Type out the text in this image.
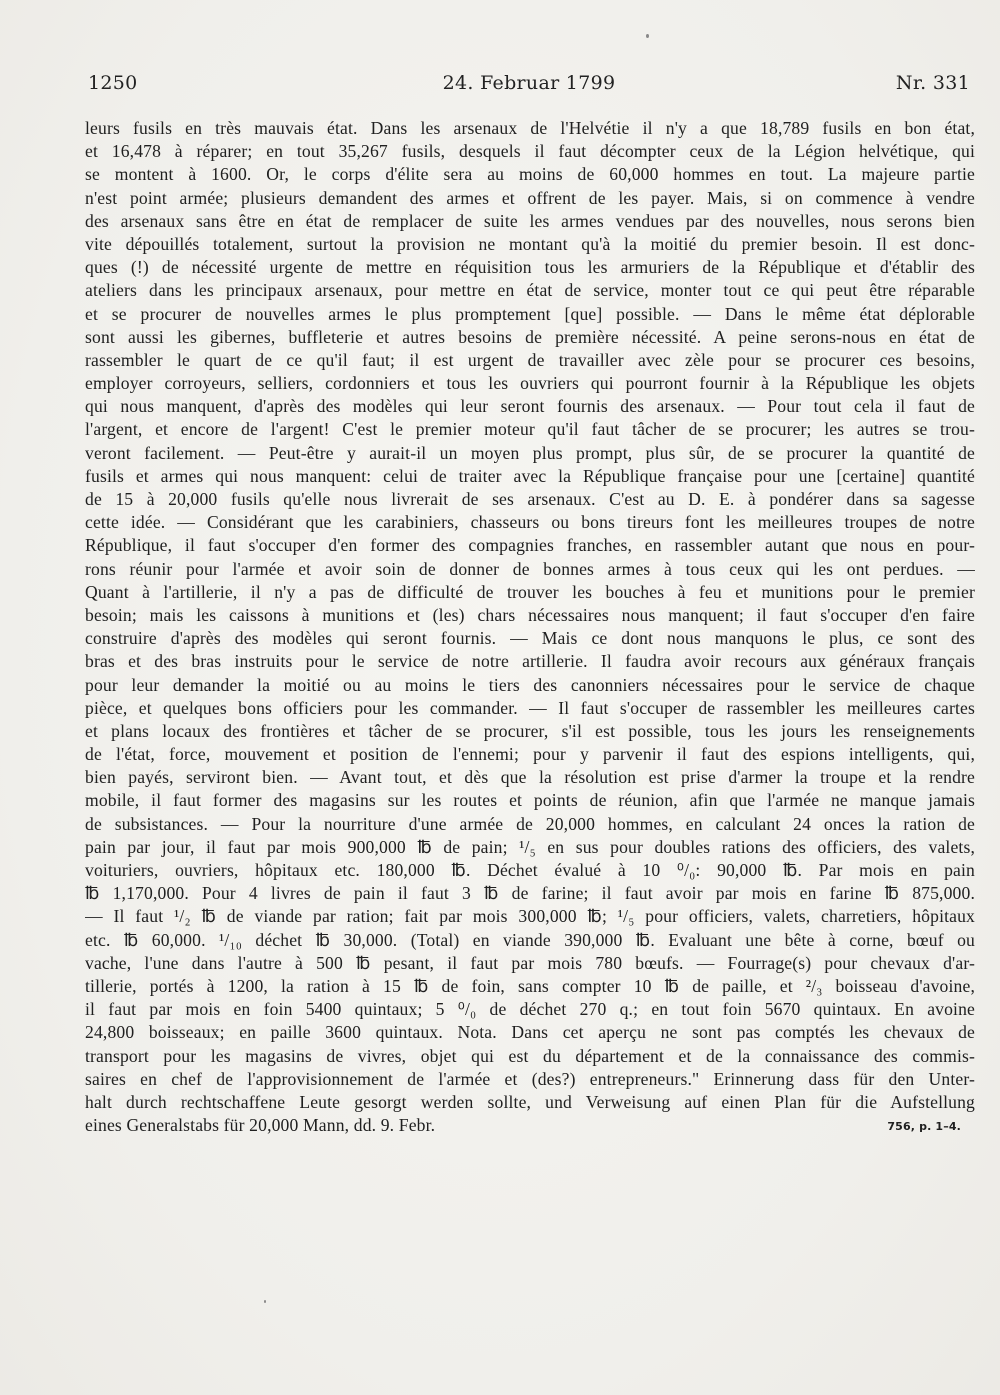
1250	24. Februar 1799	Nr. 331
leurs fusils en très mauvais état. Dans les arsenaux de l'Helvétie il n'y a que 18,789 fusils en bon état,
et 16,478 à réparer; en tout 35,267 fusils, desquels il faut décompter ceux de la Légion helvétique, qui
se montent à 1600. Or, le corps d'élite sera au moins de 60,000 hommes en tout. La majeure partie
n'est point armée; plusieurs demandent des armes et offrent de les payer. Mais, si on commence à vendre
des arsenaux sans être en état de remplacer de suite les armes vendues par des nouvelles, nous serons bien
vite dépouillés totalement, surtout la provision ne montant qu'à la moitié du premier besoin. Il est donc-
ques (!) de nécessité urgente de mettre en réquisition tous les armuriers de la République et d'établir des
ateliers dans les principaux arsenaux, pour mettre en état de service, monter tout ce qui peut être réparable
et se procurer de nouvelles armes le plus promptement [que] possible. — Dans le même état déplorable
sont aussi les gibernes, buffleterie et autres besoins de première nécessité. A peine serons-nous en état de
rassembler le quart de ce qu'il faut; il est urgent de travailler avec zèle pour se procurer ces besoins,
employer corroyeurs, selliers, cordonniers et tous les ouvriers qui pourront fournir à la République les objets
qui nous manquent, d'après des modèles qui leur seront fournis des arsenaux. — Pour tout cela il faut de
l'argent, et encore de l'argent! C'est le premier moteur qu'il faut tâcher de se procurer; les autres se trou-
veront facilement. — Peut-être y aurait-il un moyen plus prompt, plus sûr, de se procurer la quantité de
fusils et armes qui nous manquent: celui de traiter avec la République française pour une [certaine] quantité
de 15 à 20,000 fusils qu'elle nous livrerait de ses arsenaux. C'est au D. E. à pondérer dans sa sagesse
cette idée. — Considérant que les carabiniers, chasseurs ou bons tireurs font les meilleures troupes de notre
République, il faut s'occuper d'en former des compagnies franches, en rassembler autant que nous en pour-
rons réunir pour l'armée et avoir soin de donner de bonnes armes à tous ceux qui les ont perdues. —
Quant à l'artillerie, il n'y a pas de difficulté de trouver les bouches à feu et munitions pour le premier
besoin; mais les caissons à munitions et (les) chars nécessaires nous manquent; il faut s'occuper d'en faire
construire d'après des modèles qui seront fournis. — Mais ce dont nous manquons le plus, ce sont des
bras et des bras instruits pour le service de notre artillerie. Il faudra avoir recours aux généraux français
pour leur demander la moitié ou au moins le tiers des canonniers nécessaires pour le service de chaque
pièce, et quelques bons officiers pour les commander. — Il faut s'occuper de rassembler les meilleures cartes
et plans locaux des frontières et tâcher de se procurer, s'il est possible, tous les jours les renseignements
de l'état, force, mouvement et position de l'ennemi; pour y parvenir il faut des espions intelligents, qui,
bien payés, serviront bien. — Avant tout, et dès que la résolution est prise d'armer la troupe et la rendre
mobile, il faut former des magasins sur les routes et points de réunion, afin que l'armée ne manque jamais
de subsistances. — Pour la nourriture d'une armée de 20,000 hommes, en calculant 24 onces la ration de
pain par jour, il faut par mois 900,000 ℔ de pain; ¹/₅ en sus pour doubles rations des officiers, des valets,
voituriers, ouvriers, hôpitaux etc. 180,000 ℔. Déchet évalué à 10 ⁰/₀: 90,000 ℔. Par mois en pain
℔ 1,170,000. Pour 4 livres de pain il faut 3 ℔ de farine; il faut avoir par mois en farine ℔ 875,000.
— Il faut ¹/₂ ℔ de viande par ration; fait par mois 300,000 ℔; ¹/₅ pour officiers, valets, charretiers, hôpitaux
etc. ℔ 60,000. ¹/₁₀ déchet ℔ 30,000. (Total) en viande 390,000 ℔. Evaluant une bête à corne, bœuf ou
vache, l'une dans l'autre à 500 ℔ pesant, il faut par mois 780 bœufs. — Fourrage(s) pour chevaux d'ar-
tillerie, portés à 1200, la ration à 15 ℔ de foin, sans compter 10 ℔ de paille, et ²/₃ boisseau d'avoine,
il faut par mois en foin 5400 quintaux; 5 ⁰/₀ de déchet 270 q.; en tout foin 5670 quintaux. En avoine
24,800 boisseaux; en paille 3600 quintaux. Nota. Dans cet aperçu ne sont pas comptés les chevaux de
transport pour les magasins de vivres, objet qui est du département et de la connaissance des commis-
saires en chef de l'approvisionnement de l'armée et (des?) entrepreneurs." Erinnerung dass für den Unter-
halt durch rechtschaffene Leute gesorgt werden sollte, und Verweisung auf einen Plan für die Aufstellung
eines Generalstabs für 20,000 Mann, dd. 9. Febr.	756, p. 1–4.
